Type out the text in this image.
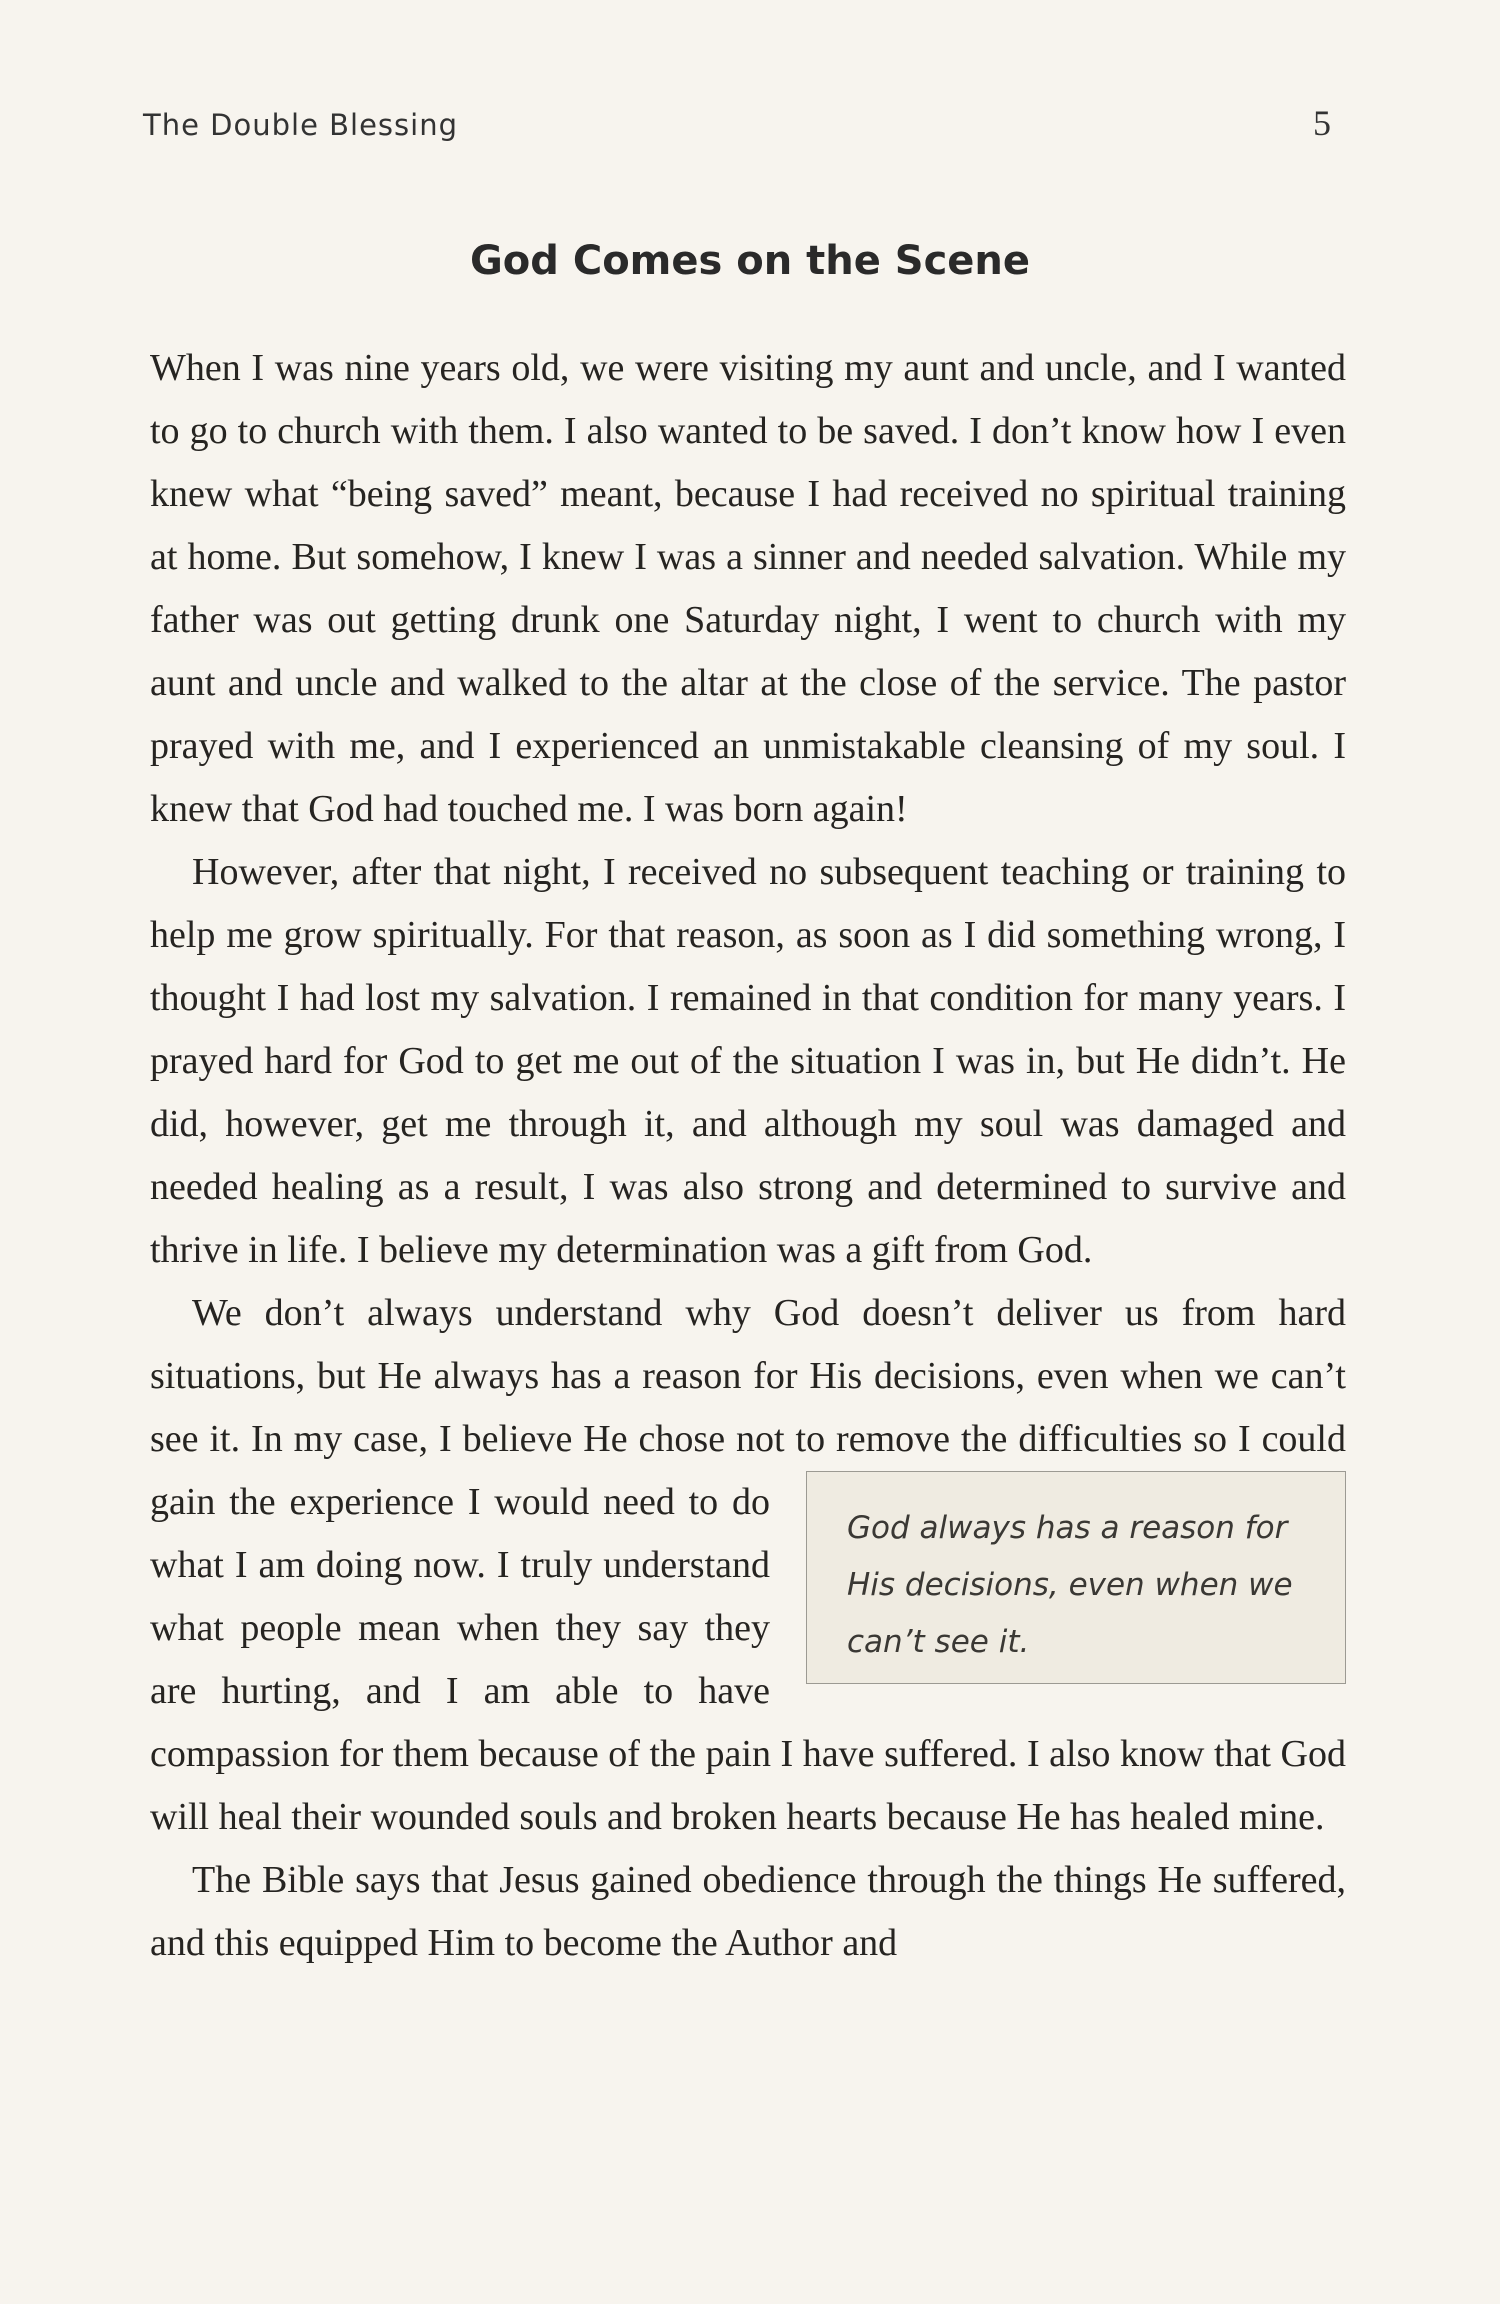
The Double Blessing	5
God Comes on the Scene

When I was nine years old, we were visiting my aunt and uncle, and I wanted to go to church with them. I also wanted to be saved. I don’t know how I even knew what “being saved” meant, because I had received no spiritual training at home. But somehow, I knew I was a sinner and needed salvation. While my father was out getting drunk one Saturday night, I went to church with my aunt and uncle and walked to the altar at the close of the service. The pastor prayed with me, and I experienced an unmistakable cleansing of my soul. I knew that God had touched me. I was born again!

However, after that night, I received no subsequent teaching or training to help me grow spiritually. For that reason, as soon as I did something wrong, I thought I had lost my salvation. I remained in that condition for many years. I prayed hard for God to get me out of the situation I was in, but He didn’t. He did, however, get me through it, and although my soul was damaged and needed healing as a result, I was also strong and determined to survive and thrive in life. I believe my determination was a gift from God.

We don’t always understand why God doesn’t deliver us from hard situations, but He always has a reason for His decisions, even when we can’t see it. In my case, I believe He chose not to remove
God always has a reason for His decisions, even when we can’t see it.
the difficulties so I could gain the experience I would need to do what I am doing now. I truly understand what people mean when they say they are hurting, and I am able to have compassion for them because of the pain I have suffered. I also know that God will heal their wounded souls and broken hearts because He has healed mine.

The Bible says that Jesus gained obedience through the things He suffered, and this equipped Him to become the Author and
